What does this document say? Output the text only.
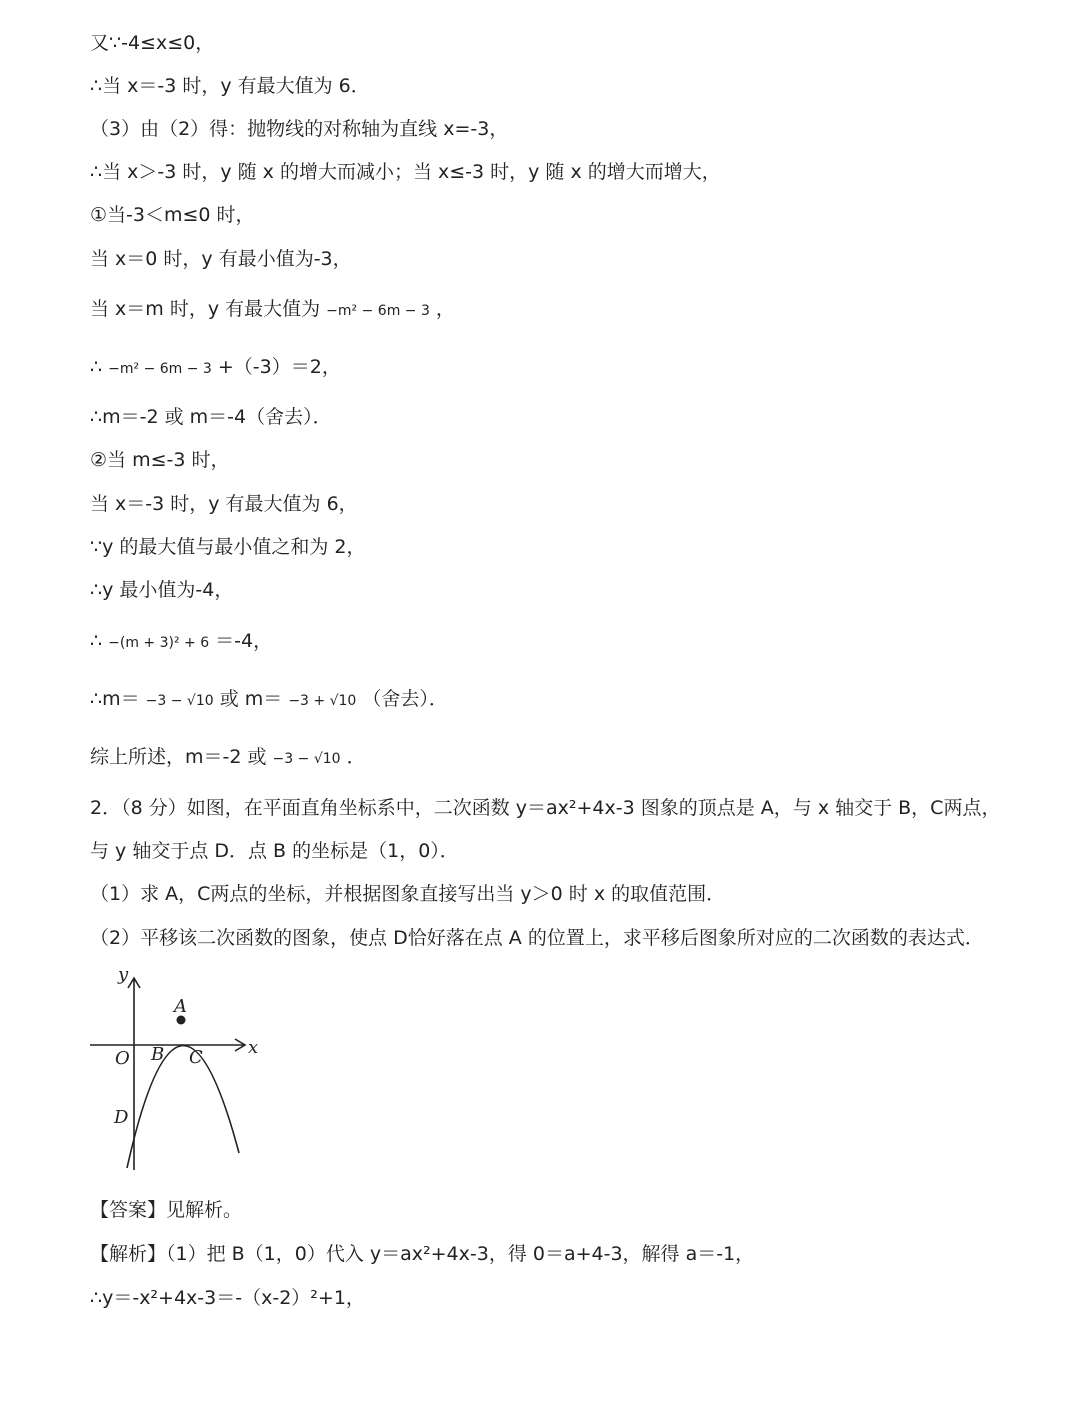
又∵-4≤x≤0，
∴当 x＝-3 时，y 有最大值为 6．
（3）由（2）得：抛物线的对称轴为直线 x=-3，
∴当 x＞-3 时，y 随 x 的增大而减小；当 x≤-3 时，y 随 x 的增大而增大，
①当-3＜m≤0 时，
当 x＝0 时，y 有最小值为-3，
当 x＝m 时，y 有最大值为 −m² − 6m − 3 ，
∴ −m² − 6m − 3 +（-3）＝2，
∴m＝-2 或 m＝-4（舍去）．
②当 m≤-3 时，
当 x＝-3 时，y 有最大值为 6，
∵y 的最大值与最小值之和为 2，
∴y 最小值为-4，
∴ −(m + 3)² + 6 ＝-4，
∴m＝ −3 − √10 或 m＝ −3 + √10 （舍去）．
综上所述，m＝-2 或 −3 − √10 ．
2．（8 分）如图，在平面直角坐标系中，二次函数 y＝ax²+4x-3 图象的顶点是 A，与 x 轴交于 B，C两点，
与 y 轴交于点 D．点 B 的坐标是（1，0）．
（1）求 A，C两点的坐标，并根据图象直接写出当 y＞0 时 x 的取值范围．
（2）平移该二次函数的图象，使点 D恰好落在点 A 的位置上，求平移后图象所对应的二次函数的表达式．
x
y
O
A
B C
D
【答案】见解析。
【解析】（1）把 B（1，0）代入 y＝ax²+4x-3，得 0＝a+4-3，解得 a＝-1，
∴y＝-x²+4x-3＝-（x-2）²+1，
